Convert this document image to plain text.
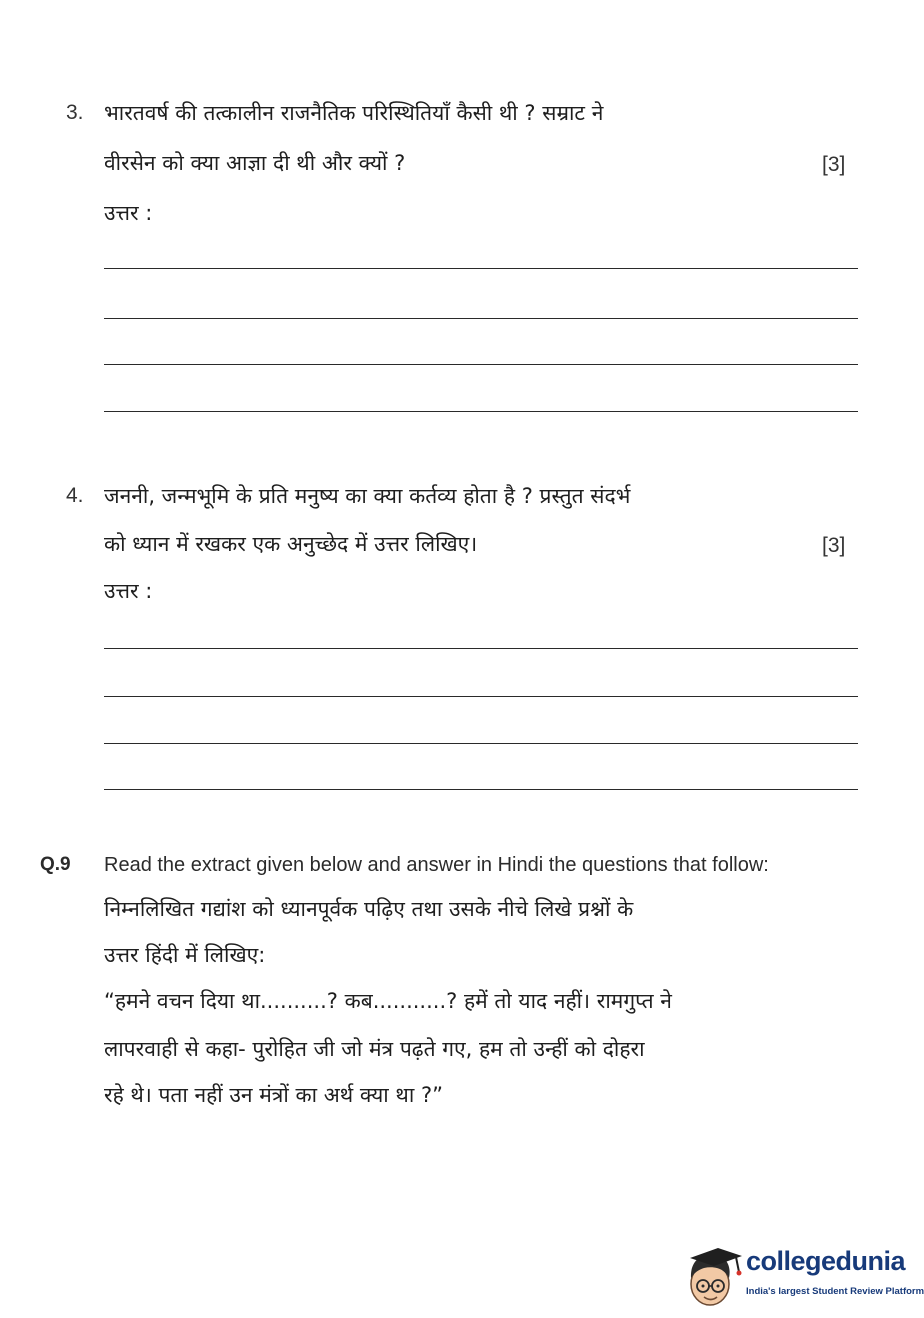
3. भारतवर्ष की तत्कालीन राजनैतिक परिस्थितियाँ कैसी थी ? सम्राट ने
वीरसेन को क्या आज्ञा दी थी और क्यों ?	[3]
उत्तर :
4. जननी, जन्मभूमि के प्रति मनुष्य का क्या कर्तव्य होता है ? प्रस्तुत संदर्भ
को ध्यान में रखकर एक अनुच्छेद में उत्तर लिखिए।	[3]
उत्तर :
Q.9 Read the extract given below and answer in Hindi the questions that follow:
निम्नलिखित गद्यांश को ध्यानपूर्वक पढ़िए तथा उसके नीचे लिखे प्रश्नों के
उत्तर हिंदी में लिखिए:
“हमने वचन दिया था..........? कब...........? हमें तो याद नहीं। रामगुप्त ने
लापरवाही से कहा- पुरोहित जी जो मंत्र पढ़ते गए, हम तो उन्हीं को दोहरा
रहे थे। पता नहीं उन मंत्रों का अर्थ क्या था ?”
collegedunia
India's largest Student Review Platform
